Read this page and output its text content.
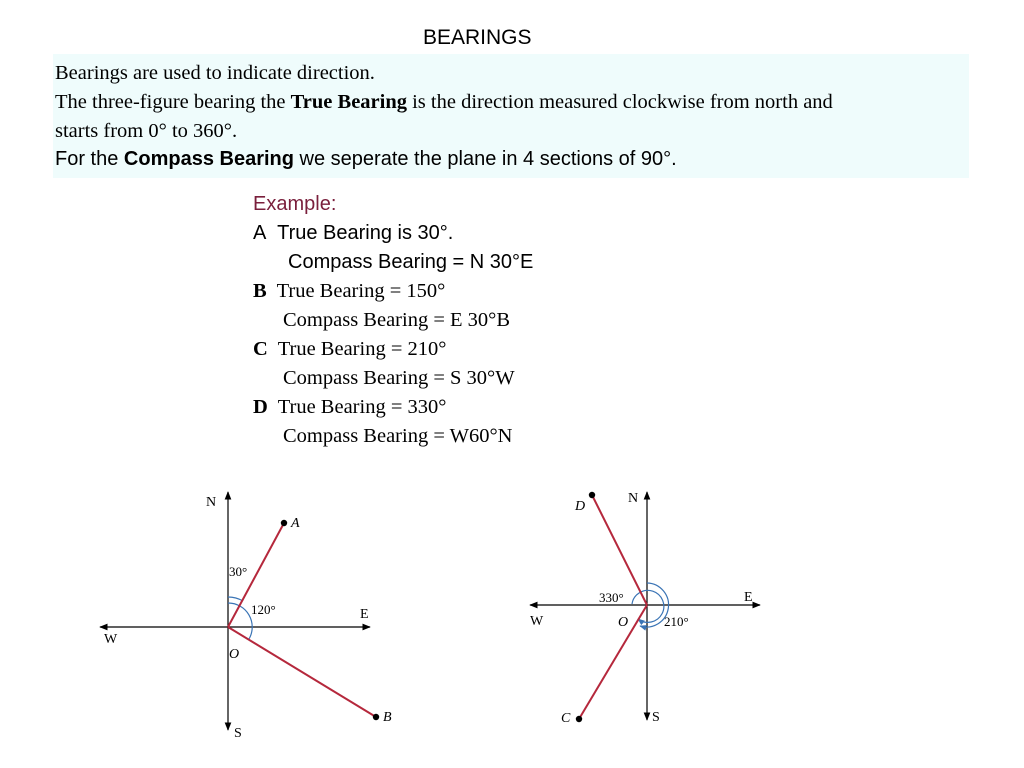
BEARINGS
Bearings are used to indicate direction.
The three-figure bearing the True Bearing is the direction measured clockwise from north and
starts from 0° to 360°.
For the Compass Bearing we seperate the plane in 4 sections of 90°.
Example:
A True Bearing is 30°.
Compass Bearing = N 30°E
B True Bearing = 150°
Compass Bearing = E 30°B
C True Bearing = 210°
Compass Bearing = S 30°W
D True Bearing = 330°
Compass Bearing = W60°N
N
S
E
W
O
A
B
30°
120°
N
S
E
W	O
D
C
330°
210°
